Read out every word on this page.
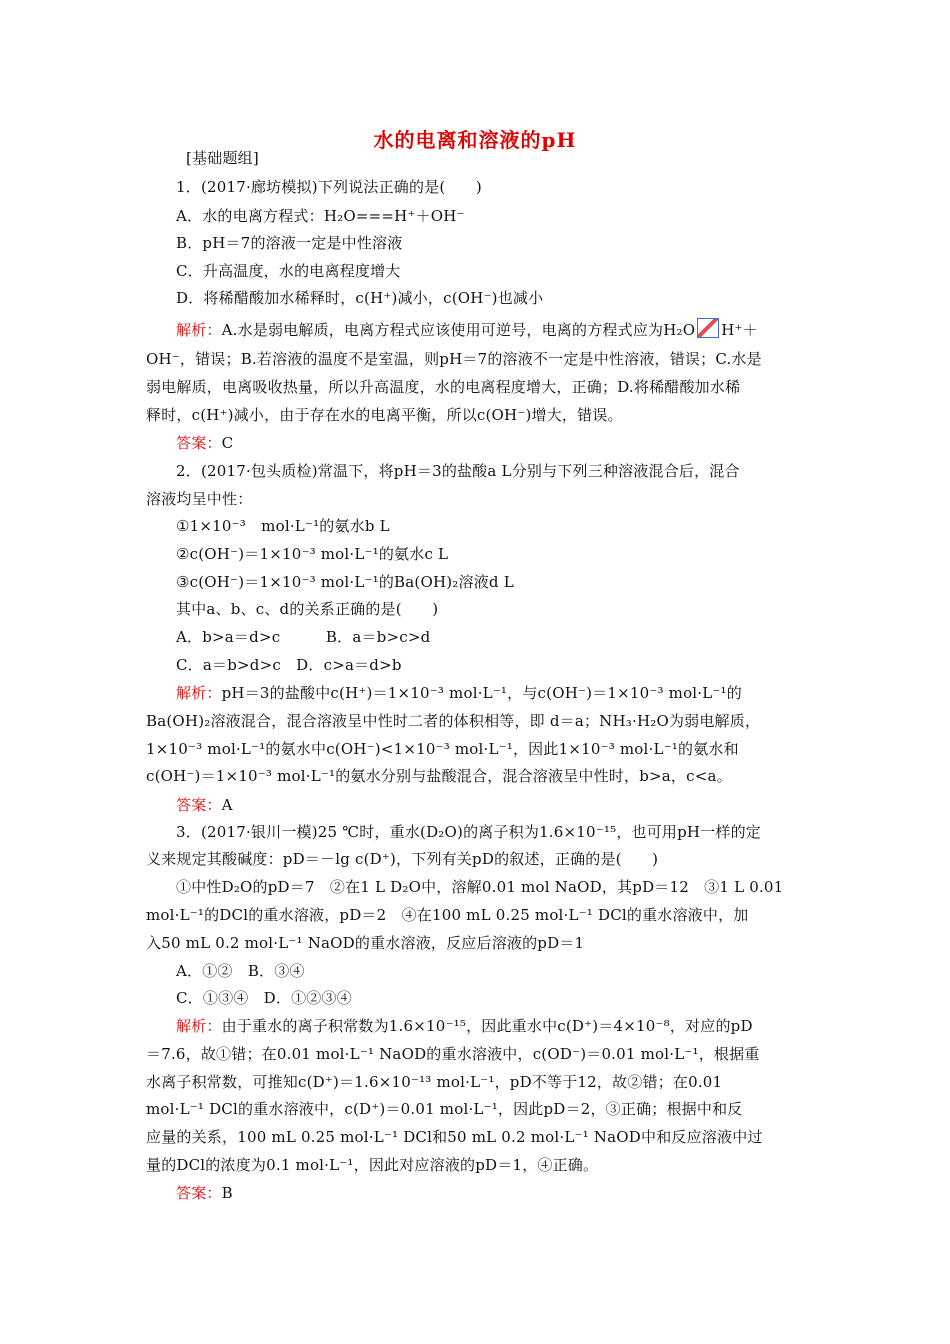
水的电离和溶液的pH
[基础题组]
1．(2017·廊坊模拟)下列说法正确的是(　　)
A．水的电离方程式：H₂O===H⁺＋OH⁻
B．pH＝7的溶液一定是中性溶液
C．升高温度，水的电离程度增大
D．将稀醋酸加水稀释时，c(H⁺)减小，c(OH⁻)也减小
解析：A.水是弱电解质，电离方程式应该使用可逆号，电离的方程式应为H₂O H⁺＋
OH⁻，错误；B.若溶液的温度不是室温，则pH＝7的溶液不一定是中性溶液，错误；C.水是
弱电解质，电离吸收热量，所以升高温度，水的电离程度增大，正确；D.将稀醋酸加水稀
释时，c(H⁺)减小，由于存在水的电离平衡，所以c(OH⁻)增大，错误。
答案：C
2．(2017·包头质检)常温下，将pH＝3的盐酸a L分别与下列三种溶液混合后，混合
溶液均呈中性：
①1×10⁻³　mol·L⁻¹的氨水b L
②c(OH⁻)＝1×10⁻³ mol·L⁻¹的氨水c L
③c(OH⁻)＝1×10⁻³ mol·L⁻¹的Ba(OH)₂溶液d L
其中a、b、c、d的关系正确的是(　　)
A．b>a＝d>c　　　B．a＝b>c>d
C．a＝b>d>c　D．c>a＝d>b
解析：pH＝3的盐酸中c(H⁺)＝1×10⁻³ mol·L⁻¹，与c(OH⁻)＝1×10⁻³ mol·L⁻¹的
Ba(OH)₂溶液混合，混合溶液呈中性时二者的体积相等，即 d＝a；NH₃·H₂O为弱电解质，
1×10⁻³ mol·L⁻¹的氨水中c(OH⁻)<1×10⁻³ mol·L⁻¹，因此1×10⁻³ mol·L⁻¹的氨水和
c(OH⁻)＝1×10⁻³ mol·L⁻¹的氨水分别与盐酸混合，混合溶液呈中性时，b>a，c<a。
答案：A
3．(2017·银川一模)25 ℃时，重水(D₂O)的离子积为1.6×10⁻¹⁵，也可用pH一样的定
义来规定其酸碱度：pD＝－lg c(D⁺)，下列有关pD的叙述，正确的是(　　)
①中性D₂O的pD＝7　②在1 L D₂O中，溶解0.01 mol NaOD，其pD＝12　③1 L 0.01
mol·L⁻¹的DCl的重水溶液，pD＝2　④在100 mL 0.25 mol·L⁻¹ DCl的重水溶液中，加
入50 mL 0.2 mol·L⁻¹ NaOD的重水溶液，反应后溶液的pD＝1
A．①②　B．③④
C．①③④　D．①②③④
解析：由于重水的离子积常数为1.6×10⁻¹⁵，因此重水中c(D⁺)＝4×10⁻⁸，对应的pD
＝7.6，故①错；在0.01 mol·L⁻¹ NaOD的重水溶液中，c(OD⁻)＝0.01 mol·L⁻¹，根据重
水离子积常数，可推知c(D⁺)＝1.6×10⁻¹³ mol·L⁻¹，pD不等于12，故②错；在0.01
mol·L⁻¹ DCl的重水溶液中，c(D⁺)＝0.01 mol·L⁻¹，因此pD＝2，③正确；根据中和反
应量的关系，100 mL 0.25 mol·L⁻¹ DCl和50 mL 0.2 mol·L⁻¹ NaOD中和反应溶液中过
量的DCl的浓度为0.1 mol·L⁻¹，因此对应溶液的pD＝1，④正确。
答案：B
